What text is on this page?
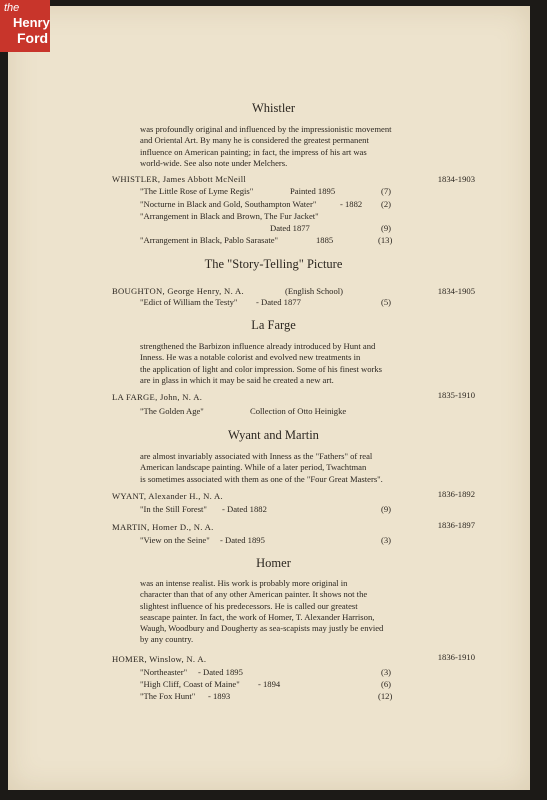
the
Henry
Ford
Whistler
was profoundly original and influenced by the impressionistic movement
and Oriental Art. By many he is considered the greatest permanent
influence on American painting; in fact, the impress of his art was
world-wide. See also note under Melchers.
WHISTLER, James Abbott McNeill	1834-1903
"The Little Rose of Lyme Regis"	Painted 1895	(7)
"Nocturne in Black and Gold, Southampton Water"	- 1882 (2)
"Arrangement in Black and Brown, The Fur Jacket"
Dated 1877	(9)
"Arrangement in Black, Pablo Sarasate"	1885	(13)
The "Story-Telling" Picture
BOUGHTON, George Henry, N. A.	(English School)	1834-1905
"Edict of William the Testy" - Dated 1877	(5)
La Farge
strengthened the Barbizon influence already introduced by Hunt and
Inness. He was a notable colorist and evolved new treatments in
the application of light and color impression. Some of his finest works
are in glass in which it may be said he created a new art.
LA FARGE, John, N. A.	1835-1910
"The Golden Age"	Collection of Otto Heinigke
Wyant and Martin
are almost invariably associated with Inness as the "Fathers" of real
American landscape painting. While of a later period, Twachtman
is sometimes associated with them as one of the "Four Great Masters".
WYANT, Alexander H., N. A.	1836-1892
"In the Still Forest" - Dated 1882	(9)
MARTIN, Homer D., N. A.	1836-1897
"View on the Seine" - Dated 1895	(3)
Homer
was an intense realist. His work is probably more original in
character than that of any other American painter. It shows not the
slightest influence of his predecessors. He is called our greatest
seascape painter. In fact, the work of Homer, T. Alexander Harrison,
Waugh, Woodbury and Dougherty as sea-scapists may justly be envied
by any country.
HOMER, Winslow, N. A.	1836-1910
"Northeaster" - Dated 1895	(3)
"High Cliff, Coast of Maine" - 1894	(6)
"The Fox Hunt" - 1893	(12)
